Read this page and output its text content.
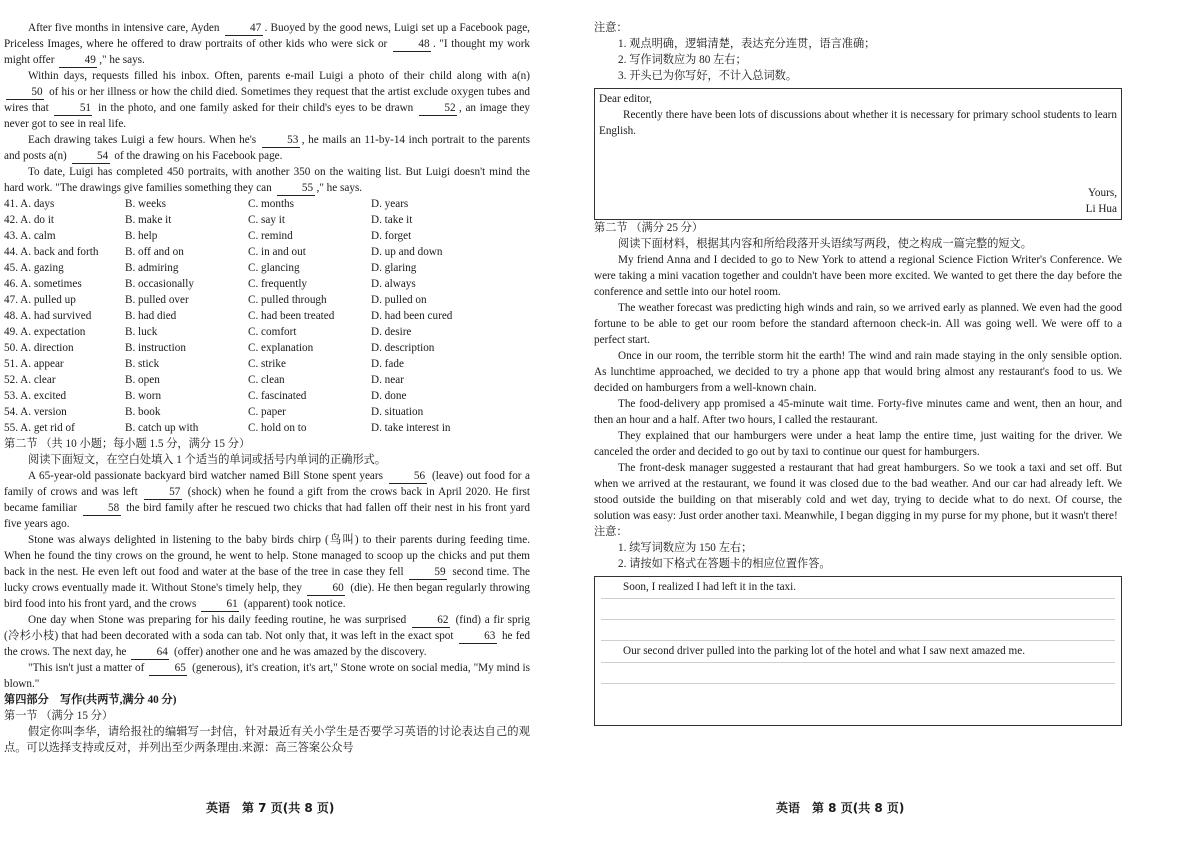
After five months in intensive care, Ayden	47 . Buoyed by the good news, Luigi set up a Facebook page, Priceless Images, where he offered to draw portraits of other kids who were sick or	48 . "I thought my work might offer	49 ," he says.

Within days, requests filled his inbox. Often, parents e-mail Luigi a photo of their child along with a(n) 50 of his or her illness or how the child died. Sometimes they request that the artist exclude oxygen tubes and wires that	51 in the photo, and one family asked for their child's eyes to be drawn	52 , an image they never got to see in real life.

Each drawing takes Luigi a few hours. When he's	53 , he mails an 11-by-14 inch portrait to the parents and posts a(n)	54 of the drawing on his Facebook page.

To date, Luigi has completed 450 portraits, with another 350 on the waiting list. But Luigi doesn't mind the hard work. "The drawings give families something they can	55 ," he says.

41. A. days	B. weeks	C. months	D. years
42. A. do it	B. make it	C. say it	D. take it
43. A. calm	B. help	C. remind	D. forget
44. A. back and forth	B. off and on	C. in and out	D. up and down
45. A. gazing	B. admiring	C. glancing	D. glaring
46. A. sometimes	B. occasionally	C. frequently	D. always
47. A. pulled up	B. pulled over	C. pulled through	D. pulled on
48. A. had survived	B. had died	C. had been treated	D. had been cured
49. A. expectation	B. luck	C. comfort	D. desire
50. A. direction	B. instruction	C. explanation	D. description
51. A. appear	B. stick	C. strike	D. fade
52. A. clear	B. open	C. clean	D. near
53. A. excited	B. worn	C. fascinated	D. done
54. A. version	B. book	C. paper	D. situation
55. A. get rid of	B. catch up with	C. hold on to	D. take interest in

第二节 （共 10 小题；每小题 1.5 分，满分 15 分）

阅读下面短文，在空白处填入 1 个适当的单词或括号内单词的正确形式。

A 65-year-old passionate backyard bird watcher named Bill Stone spent years	56 (leave) out food for a family of crows and was left	57 (shock) when he found a gift from the crows back in April 2020. He first became familiar	58 the bird family after he rescued two chicks that had fallen off their nest in his front yard five years ago.

Stone was always delighted in listening to the baby birds chirp (鸟叫) to their parents during feeding time. When he found the tiny crows on the ground, he went to help. Stone managed to scoop up the chicks and put them back in the nest. He even left out food and water at the base of the tree in case they fell	59 second time. The lucky crows eventually made it. Without Stone's timely help, they	60 (die). He then began regularly throwing bird food into his front yard, and the crows	61 (apparent) took notice.

One day when Stone was preparing for his daily feeding routine, he was surprised	62 (find) a fir sprig (冷杉小枝) that had been decorated with a soda can tab. Not only that, it was left in the exact spot	63 he fed the crows. The next day, he	64 (offer) another one and he was amazed by the discovery.

"This isn't just a matter of	65 (generous), it's creation, it's art," Stone wrote on social media, "My mind is blown."

第四部分　写作(共两节,满分 40 分)

第一节 （满分 15 分）

假定你叫李华，请给报社的编辑写一封信，针对最近有关小学生是否要学习英语的讨论表达自己的观点。可以选择支持或反对，并列出至少两条理由.来源：高三答案公众号

英语　第 7 页(共 8 页)

注意：

1. 观点明确，逻辑清楚，表达充分连贯，语言准确；

2. 写作词数应为 80 左右；

3. 开头已为你写好，不计入总词数。

Dear editor,

Recently there have been lots of discussions about whether it is necessary for primary school students to learn English.

Yours,
Li Hua

第二节 （满分 25 分）

阅读下面材料，根据其内容和所给段落开头语续写两段，使之构成一篇完整的短文。

My friend Anna and I decided to go to New York to attend a regional Science Fiction Writer's Conference. We were taking a mini vacation together and couldn't have been more excited. We wanted to get there the day before the conference and settle into our hotel room.

The weather forecast was predicting high winds and rain, so we arrived early as planned. We even had the good fortune to be able to get our room before the standard afternoon check-in. All was going well. We were off to a perfect start.

Once in our room, the terrible storm hit the earth! The wind and rain made staying in the only sensible option. As lunchtime approached, we decided to try a phone app that would bring almost any restaurant's food to us. We decided on hamburgers from a well-known chain.

The food-delivery app promised a 45-minute wait time. Forty-five minutes came and went, then an hour, and then an hour and a half. After two hours, I called the restaurant.

They explained that our hamburgers were under a heat lamp the entire time, just waiting for the driver. We canceled the order and decided to go out by taxi to continue our quest for hamburgers.

The front-desk manager suggested a restaurant that had great hamburgers. So we took a taxi and set off. But when we arrived at the restaurant, we found it was closed due to the bad weather. And our car had already left. We stood outside the building on that miserably cold and wet day, trying to decide what to do next. Of course, the solution was easy: Just order another taxi. Meanwhile, I began digging in my purse for my phone, but it wasn't there!

注意：

1. 续写词数应为 150 左右；

2. 请按如下格式在答题卡的相应位置作答。

Soon, I realized I had left it in the taxi.

Our second driver pulled into the parking lot of the hotel and what I saw next amazed me.

英语　第 8 页(共 8 页)
